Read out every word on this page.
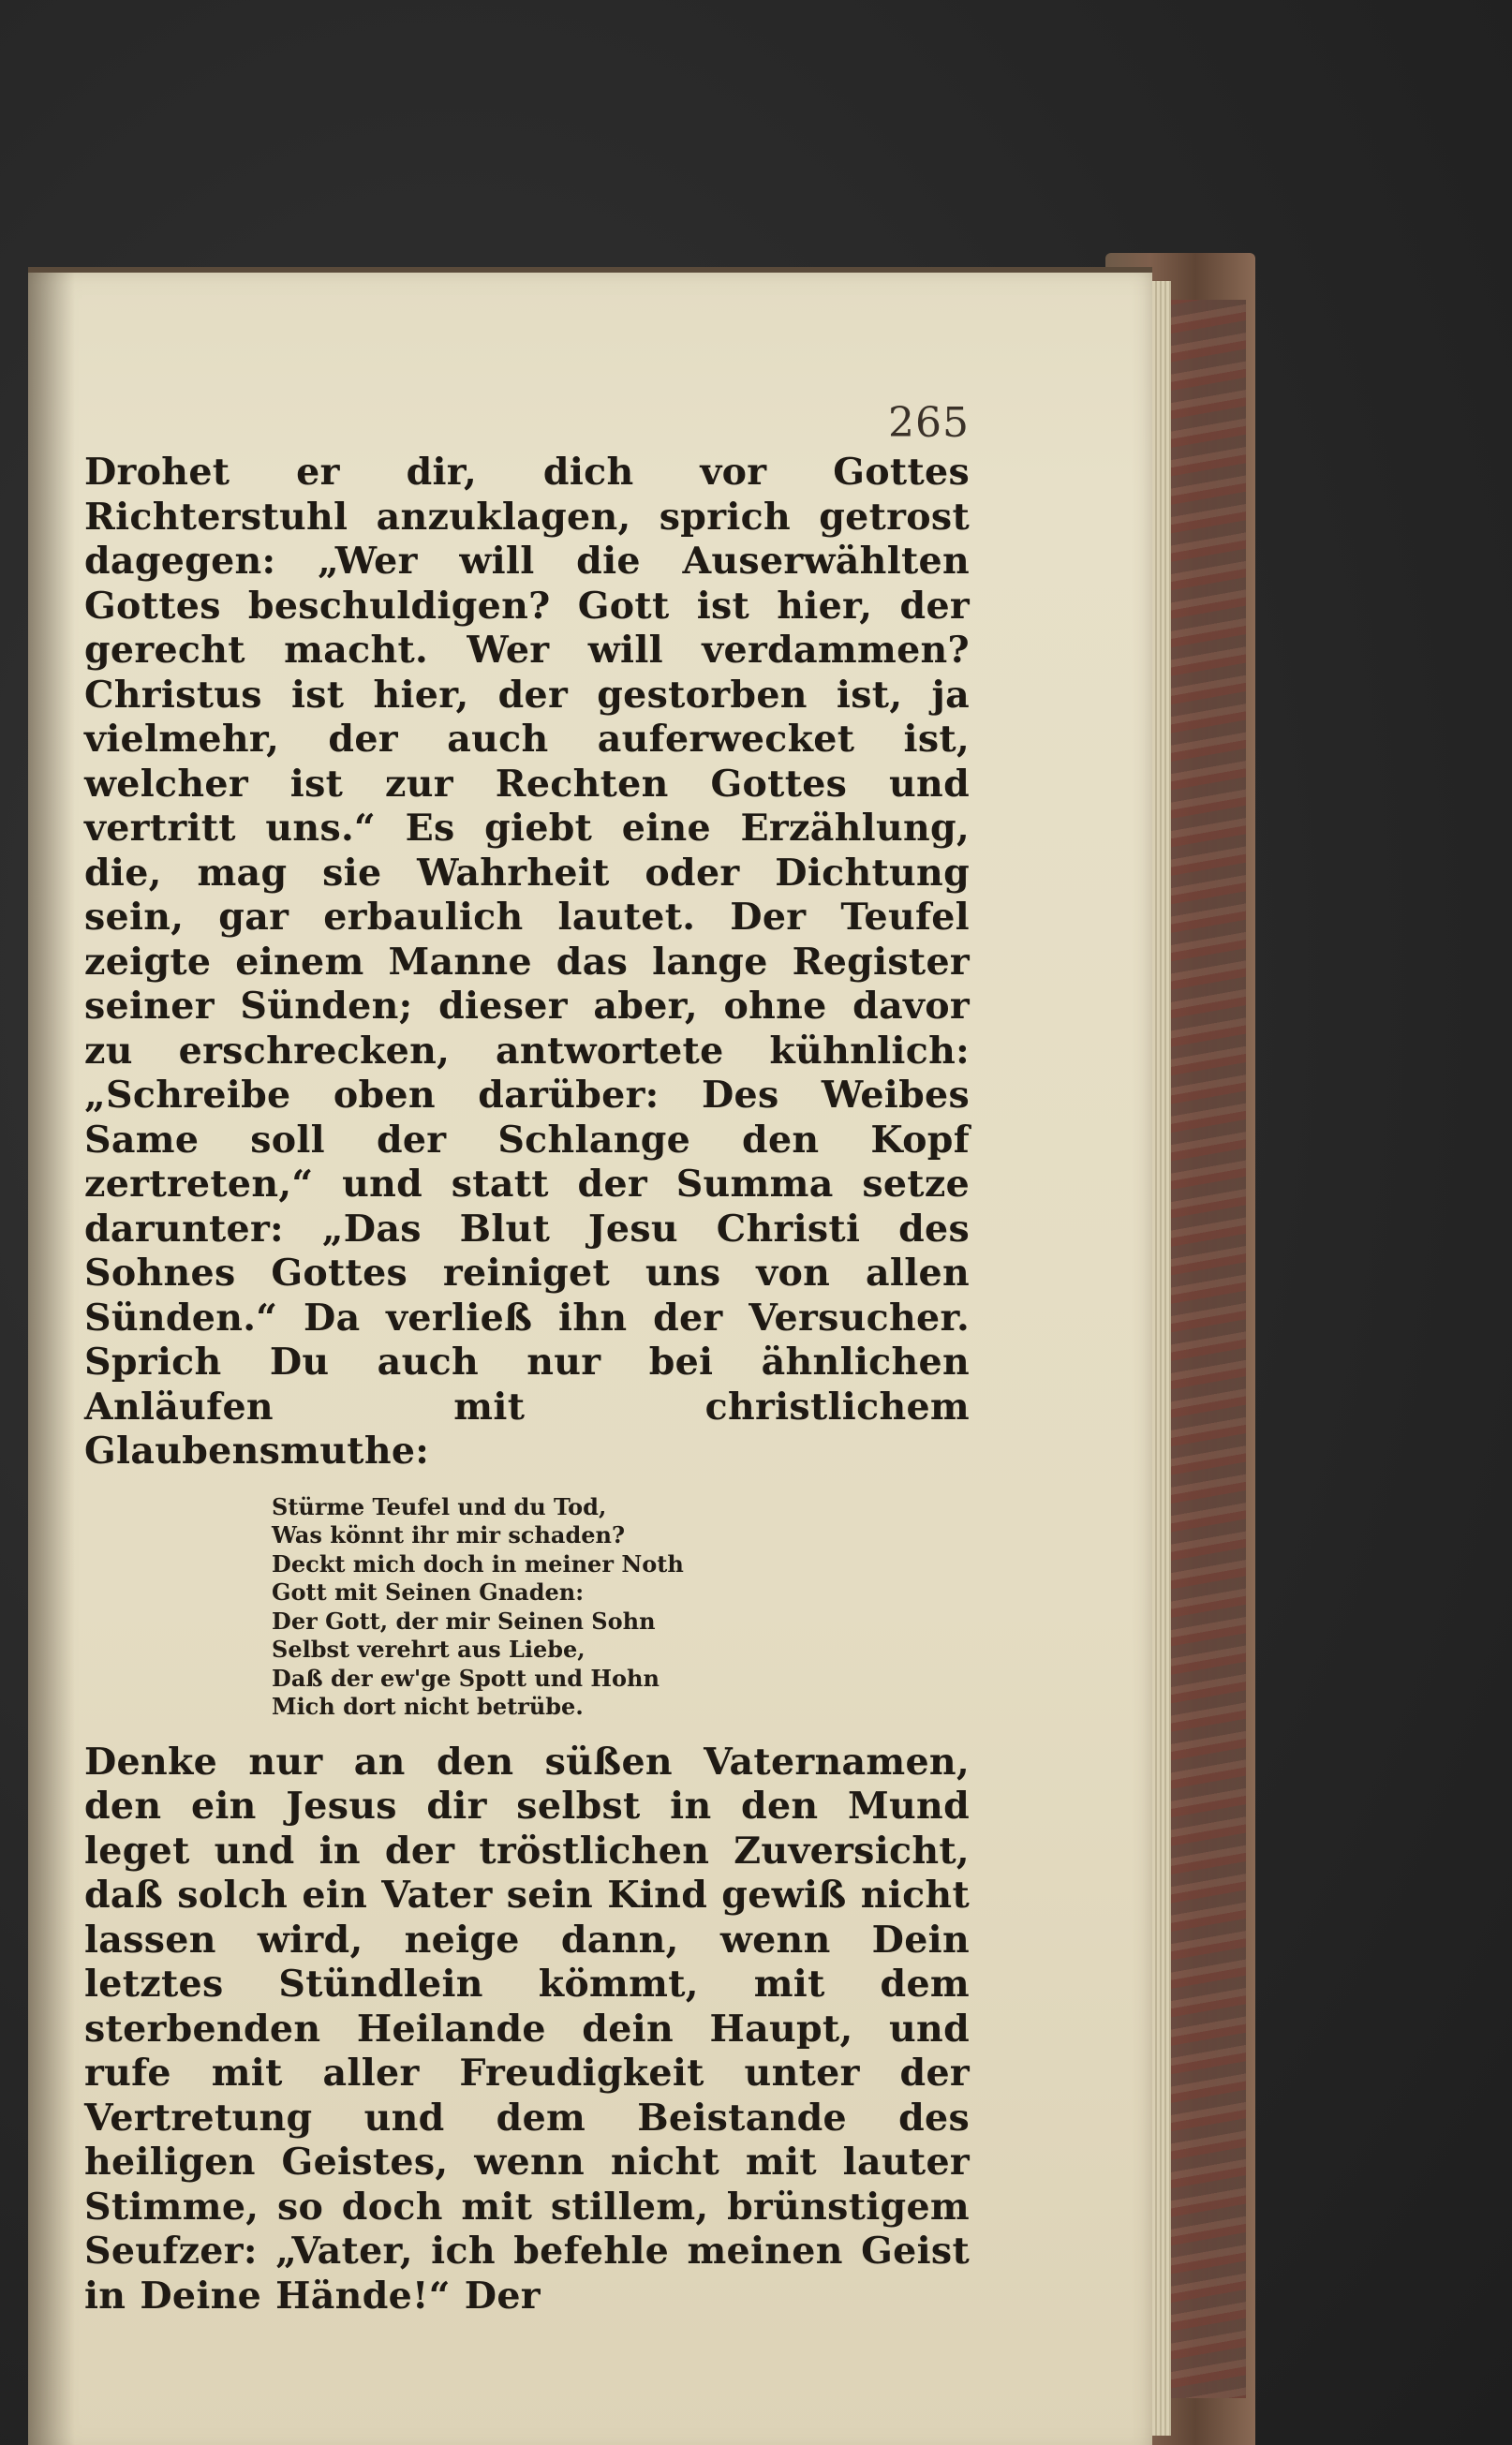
265

Drohet er dir, dich vor Gottes Richterstuhl anzuklagen, sprich getrost dagegen: „Wer will die Auserwählten Gottes beschuldigen? Gott ist hier, der gerecht macht. Wer will verdammen? Christus ist hier, der gestorben ist, ja vielmehr, der auch auferwecket ist, welcher ist zur Rechten Gottes und vertritt uns.“ Es giebt eine Erzählung, die, mag sie Wahrheit oder Dichtung sein, gar erbaulich lautet. Der Teufel zeigte einem Manne das lange Register seiner Sünden; dieser aber, ohne davor zu erschrecken, antwortete kühnlich: „Schreibe oben darüber: Des Weibes Same soll der Schlange den Kopf zertreten,“ und statt der Summa setze darunter: „Das Blut Jesu Christi des Sohnes Gottes reiniget uns von allen Sünden.“ Da verließ ihn der Versucher. Sprich Du auch nur bei ähnlichen Anläufen mit christlichem Glaubensmuthe:

Stürme Teufel und du Tod,
Was könnt ihr mir schaden?
Deckt mich doch in meiner Noth
Gott mit Seinen Gnaden:
Der Gott, der mir Seinen Sohn
Selbst verehrt aus Liebe,
Daß der ew'ge Spott und Hohn
Mich dort nicht betrübe.

Denke nur an den süßen Vaternamen, den ein Jesus dir selbst in den Mund leget und in der tröstlichen Zuversicht, daß solch ein Vater sein Kind gewiß nicht lassen wird, neige dann, wenn Dein letztes Stündlein kömmt, mit dem sterbenden Heilande dein Haupt, und rufe mit aller Freudigkeit unter der Vertretung und dem Beistande des heiligen Geistes, wenn nicht mit lauter Stimme, so doch mit stillem, brünstigem Seufzer: „Vater, ich befehle meinen Geist in Deine Hände!“ Der
